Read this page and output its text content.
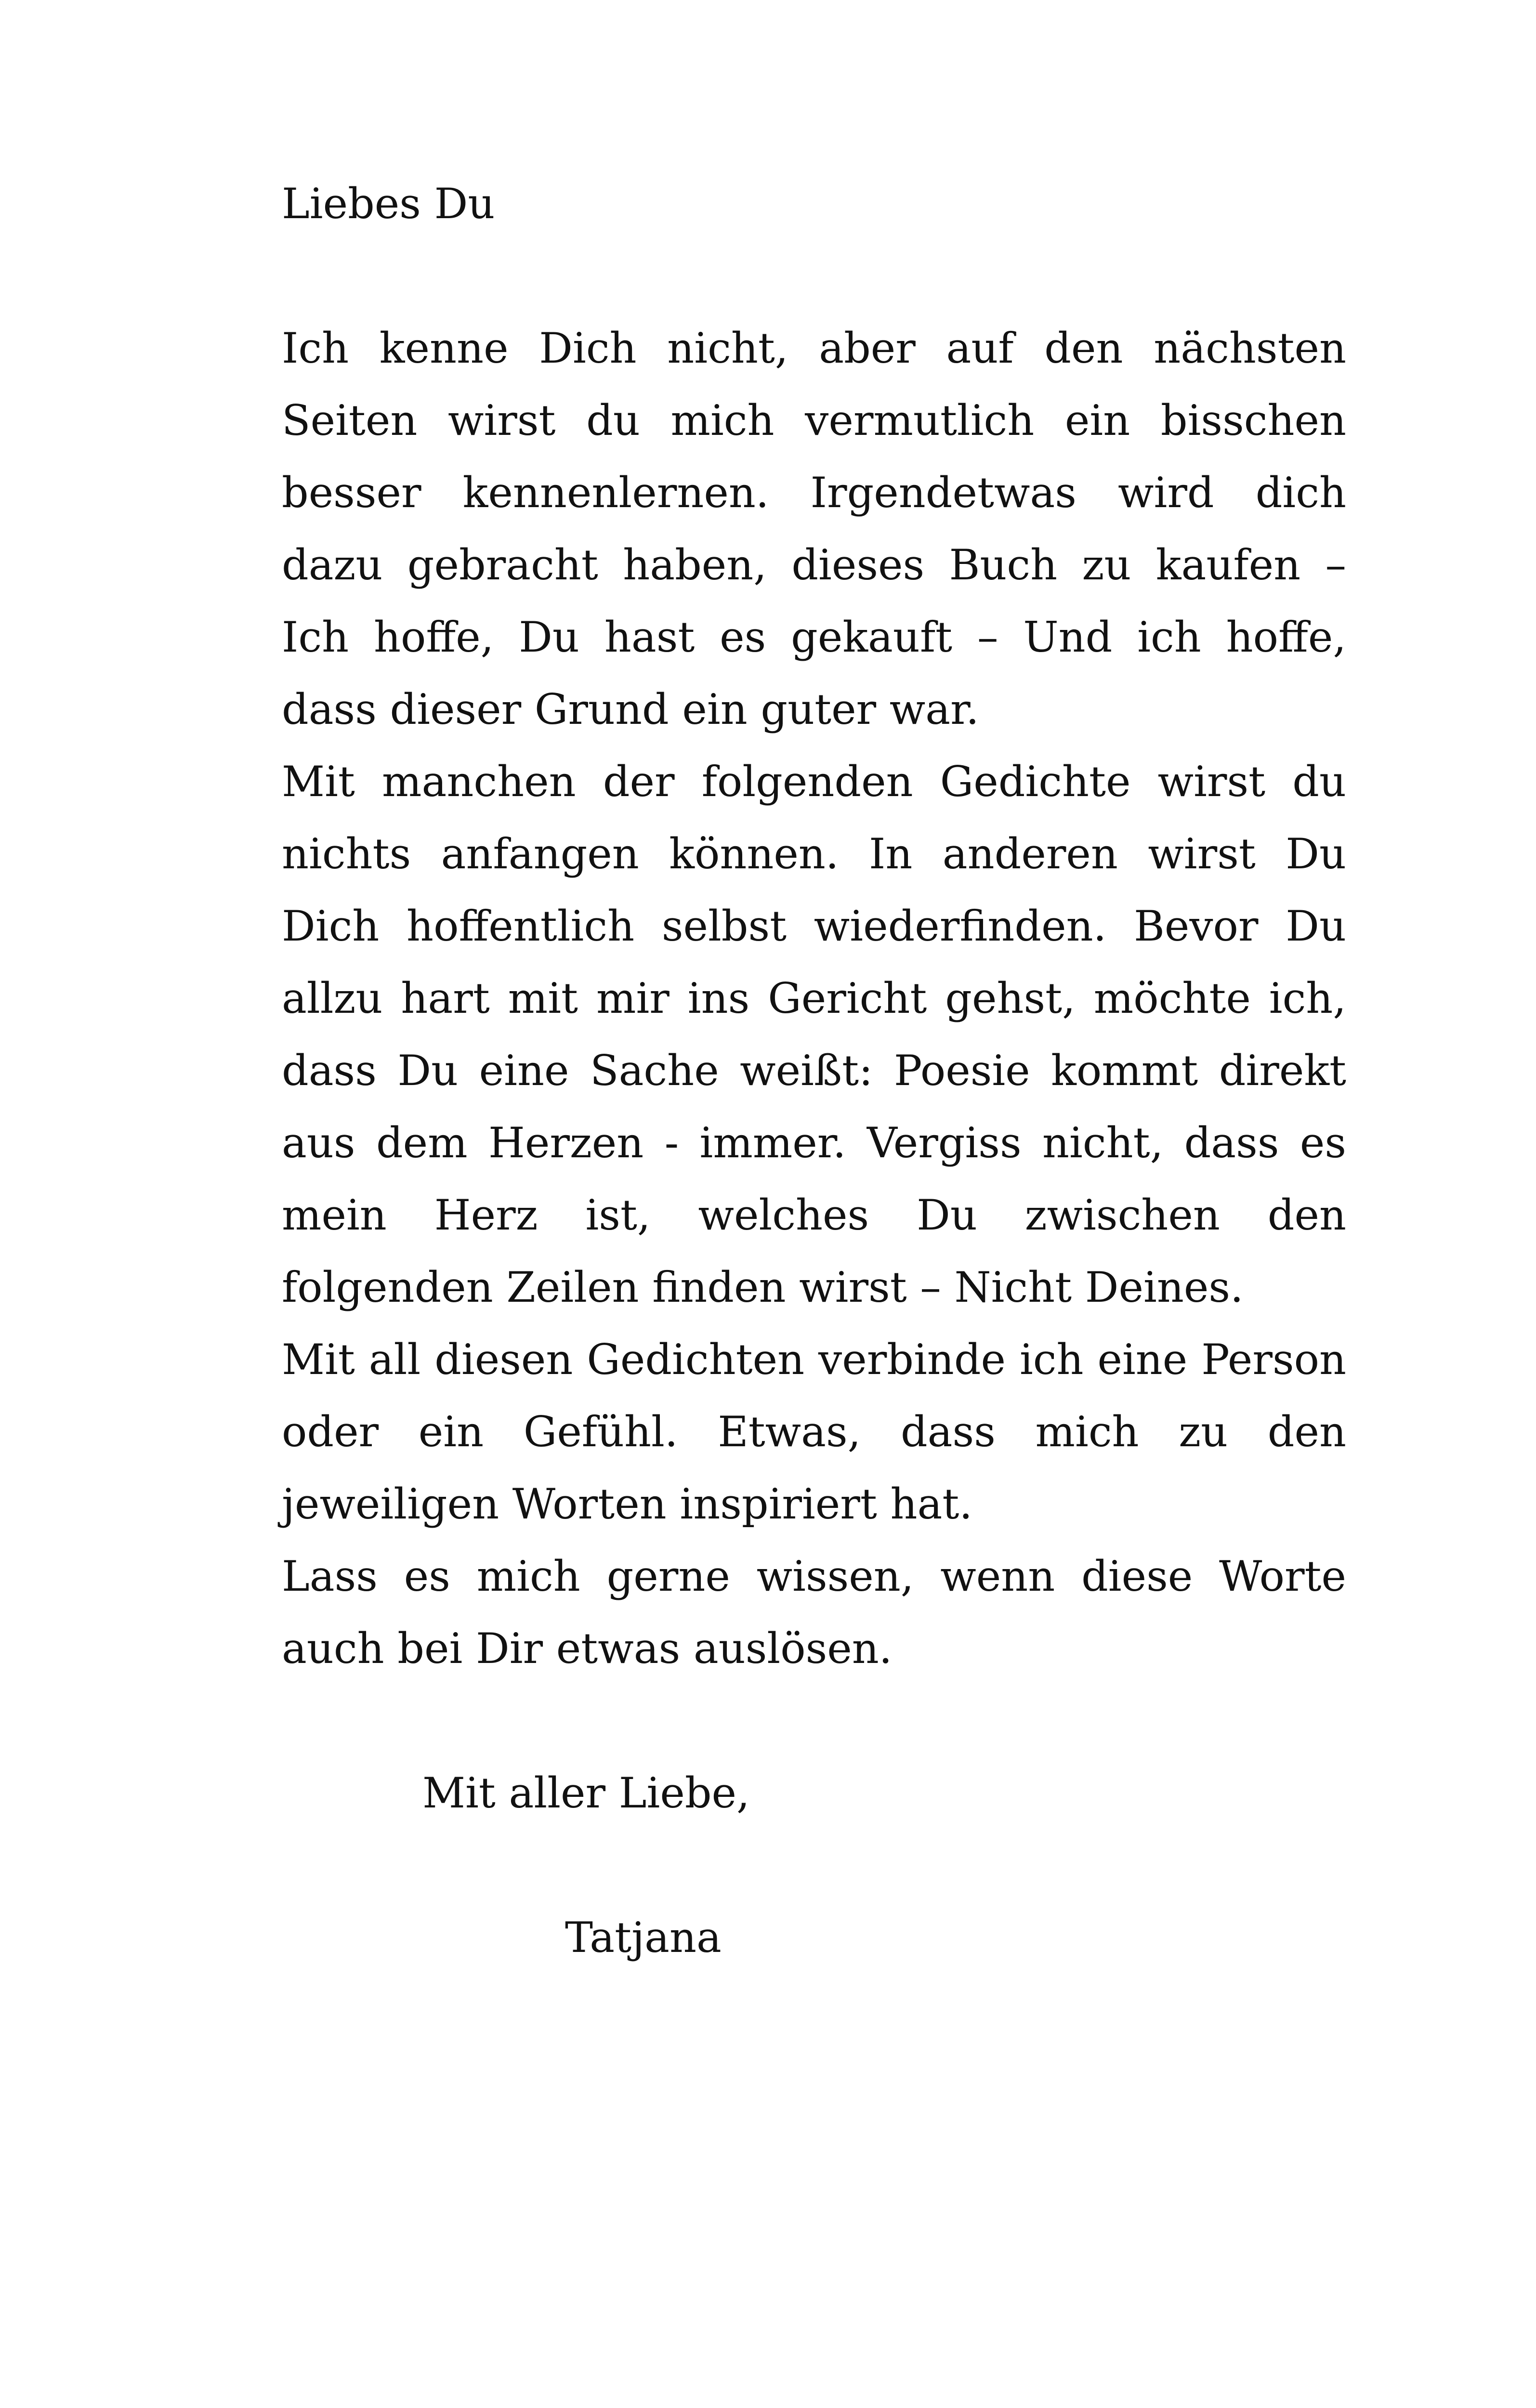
Liebes Du

Ich kenne Dich nicht, aber auf den nächsten Seiten wirst du mich vermutlich ein bisschen besser kennenlernen. Irgendetwas wird dich dazu gebracht haben, dieses Buch zu kaufen – Ich hoffe, Du hast es gekauft – Und ich hoffe, dass dieser Grund ein guter war.

Mit manchen der folgenden Gedichte wirst du nichts anfangen können. In anderen wirst Du Dich hoffentlich selbst wiederfinden. Bevor Du allzu hart mit mir ins Gericht gehst, möchte ich, dass Du eine Sache weißt: Poesie kommt direkt aus dem Herzen - immer. Vergiss nicht, dass es mein Herz ist, welches Du zwischen den folgenden Zeilen finden wirst – Nicht Deines.

Mit all diesen Gedichten verbinde ich eine Person oder ein Gefühl. Etwas, dass mich zu den jeweiligen Worten inspiriert hat.

Lass es mich gerne wissen, wenn diese Worte auch bei Dir etwas auslösen.

Mit aller Liebe,
Tatjana
